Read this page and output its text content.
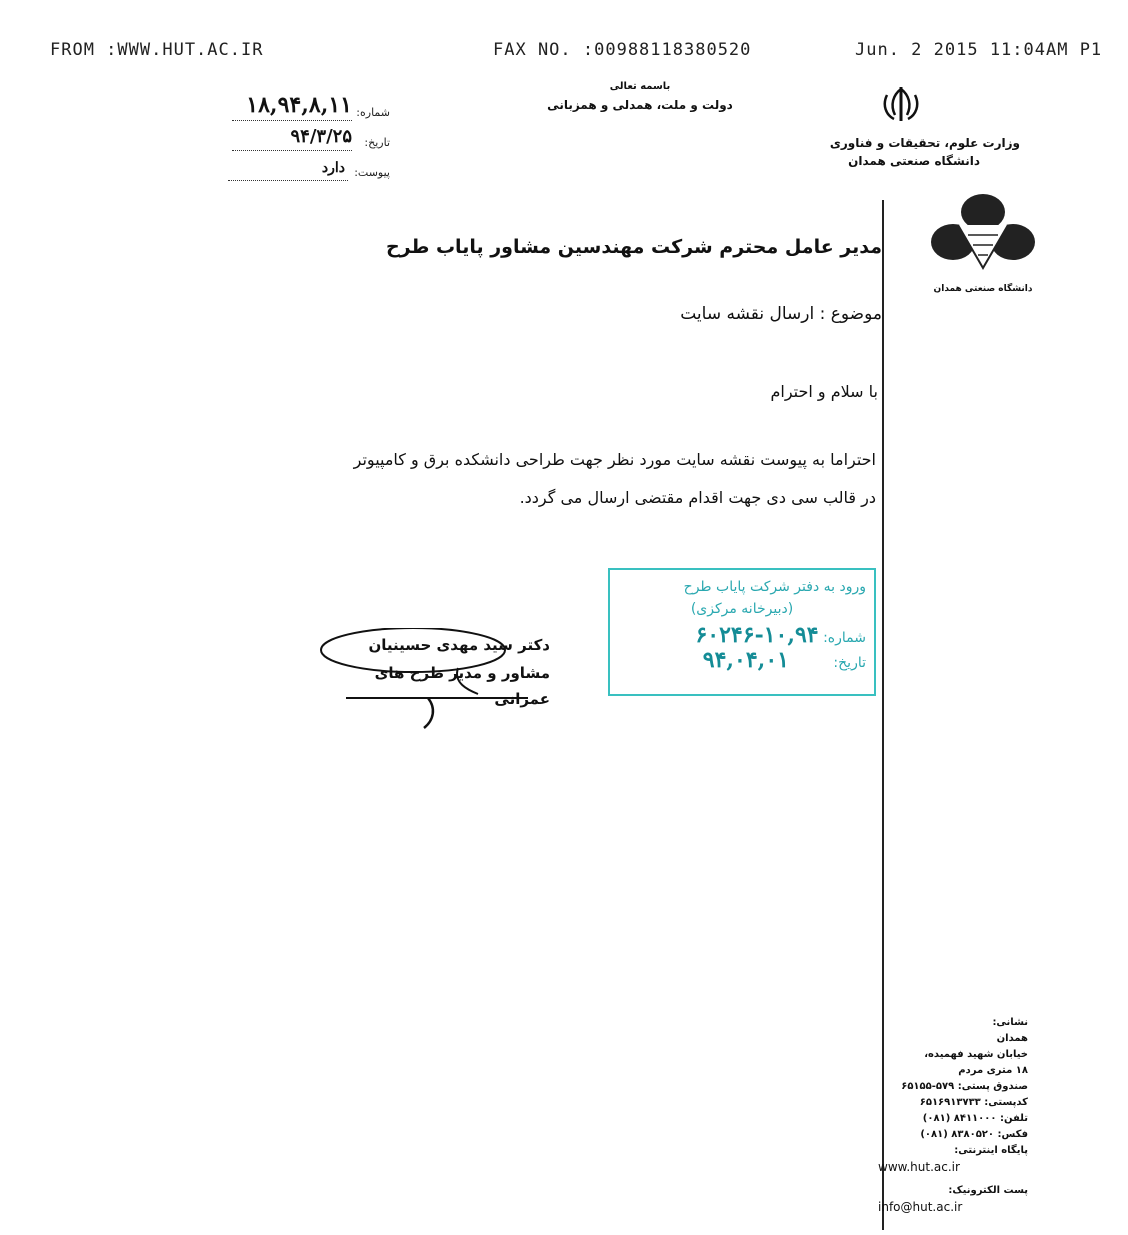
FROM :WWW.HUT.AC.IR	FAX NO. :00988118380520	Jun. 2 2015 11:04AM P1
شماره:
۱۸,۹۴,۸,۱۱
تاریخ:
۹۴/۳/۲۵
پیوست:
دارد
باسمه تعالی
دولت و ملت، همدلی و همزبانی
وزارت علوم، تحقیقات و فناوری
دانشگاه صنعتی همدان
دانشگاه صنعتی همدان
مدیر عامل محترم شرکت مهندسین مشاور پایاب طرح
موضوع : ارسال نقشه سایت
با سلام و احترام
احتراما به پیوست نقشه سایت مورد نظر جهت طراحی دانشکده برق و کامپیوتر
در قالب سی دی جهت اقدام مقتضی ارسال می گردد.
ورود به دفتر شرکت پایاب طرح
(دبیرخانه مرکزی)
شماره: ۱۰,۹۴-۶۰۲۴۶
تاریخ: ۹۴,۰۴,۰۱
دکتر سید مهدی حسینیان
مشاور و مدیر طرح های عمرانی
نشانی:
همدان
خیابان شهید فهمیده،
۱۸ متری مردم
صندوق پستی: ۵۷۹-۶۵۱۵۵
کدپستی: ۶۵۱۶۹۱۳۷۳۳
تلفن: ۸۴۱۱۰۰۰ (۰۸۱)
فکس: ۸۳۸۰۵۲۰ (۰۸۱)
پایگاه اینترنتی:
www.hut.ac.ir
پست الکترونیک:
info@hut.ac.ir
